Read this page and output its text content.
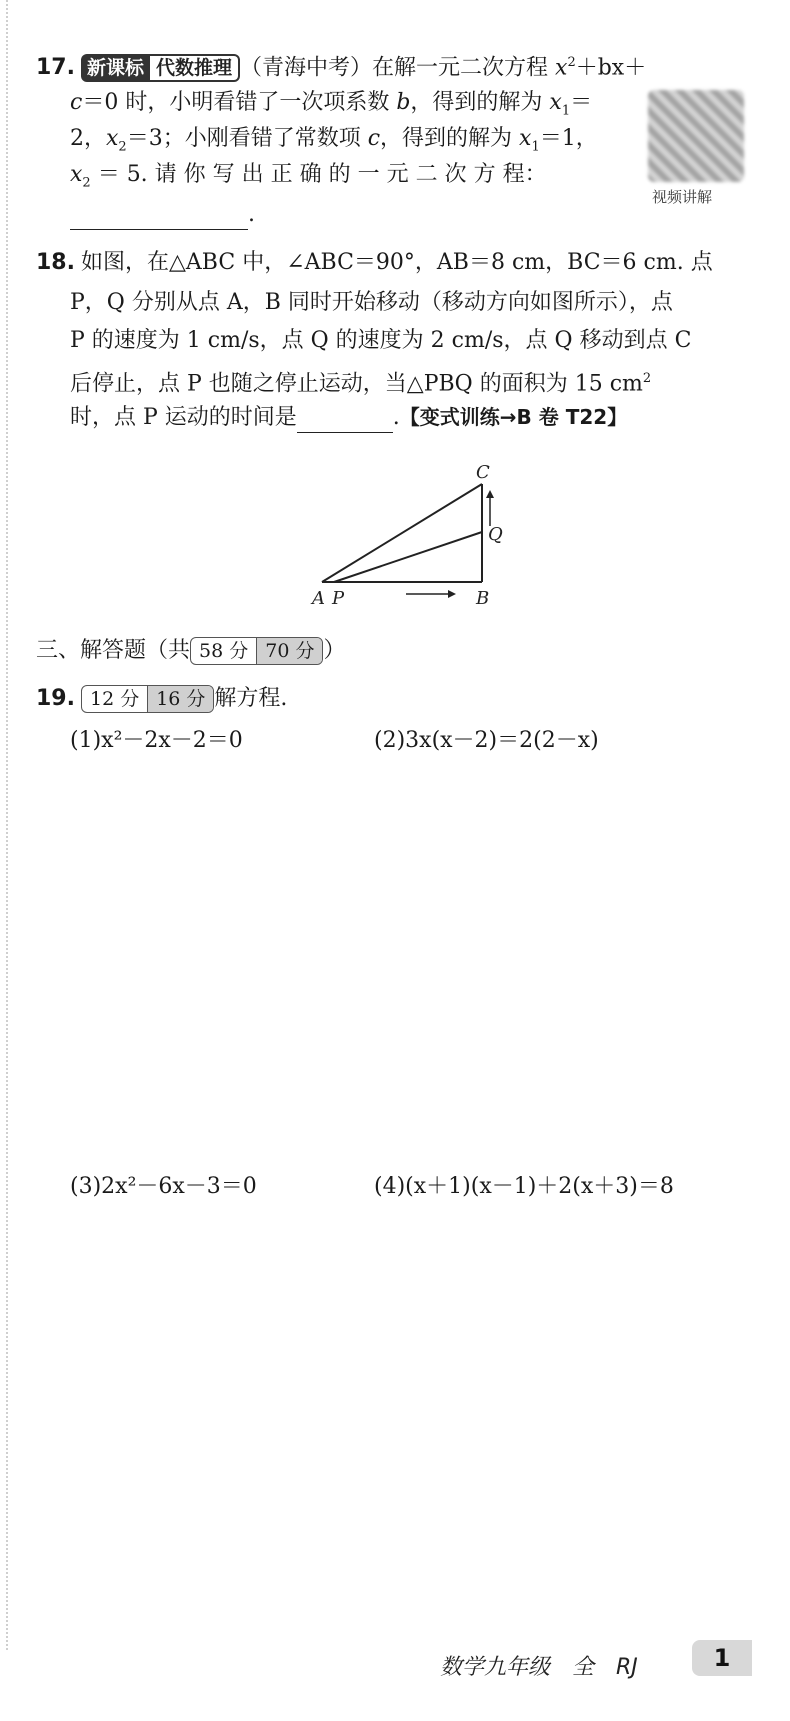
17. 新课标 代数推理 （青海中考）在解一元二次方程 $x^2+bx+$
c＝0 时，小明看错了一次项系数 b，得到的解为 $x_1=$
2，$x_2=3$；小刚看错了常数项 c，得到的解为 $x_1=1$，
$x_2 = 5$. 请 你 写 出 正 确 的 一 元 二 次 方 程：
.
视频讲解
18. 如图，在△ABC 中，∠ABC＝90°，AB＝8 cm，BC＝6 cm. 点
P，Q 分别从点 A，B 同时开始移动（移动方向如图所示），点
P 的速度为 1 cm/s，点 Q 的速度为 2 cm/s，点 Q 移动到点 C
后停止，点 P 也随之停止运动，当△PBQ 的面积为 15 $cm^2$
时，点 P 运动的时间是	.【变式训练→B 卷 T22】
A P	B
C
Q
三、解答题（共 58 分 70 分 ）
19. 12 分 16 分 解方程.
(1)x²－2x－2＝0	(2)3x(x－2)＝2(2－x)
(3)2x²－6x－3＝0	(4)(x＋1)(x－1)＋2(x＋3)＝8
数学九年级　全　RJ	1
